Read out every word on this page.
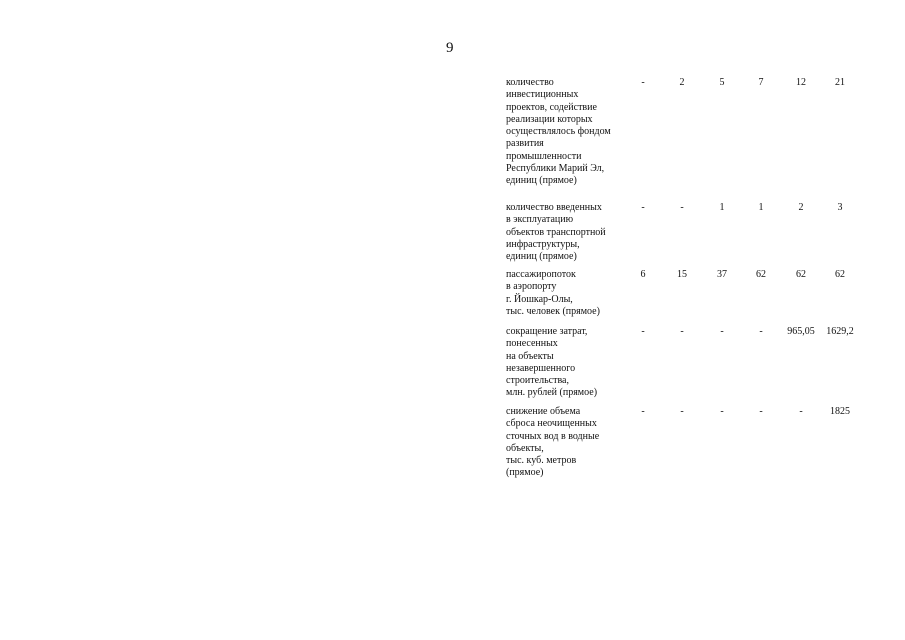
9
количество
инвестиционных
проектов, содействие
реализации которых
осуществлялось фондом
развития
промышленности
Республики Марий Эл,
единиц (прямое)
-	2	5	7	12	21
количество введенных
в эксплуатацию
объектов транспортной
инфраструктуры,
единиц (прямое)
-	-	1	1	2	3
пассажиропоток
в аэропорту
г. Йошкар-Олы,
тыс. человек (прямое)
6	15	37	62	62	62
сокращение затрат,
понесенных
на объекты
незавершенного
строительства,
млн. рублей (прямое)
-	-	-	-	965,05	1629,2
снижение объема
сброса неочищенных
сточных вод в водные
объекты,
тыс. куб. метров
(прямое)
-	-	-	-	-	1825
